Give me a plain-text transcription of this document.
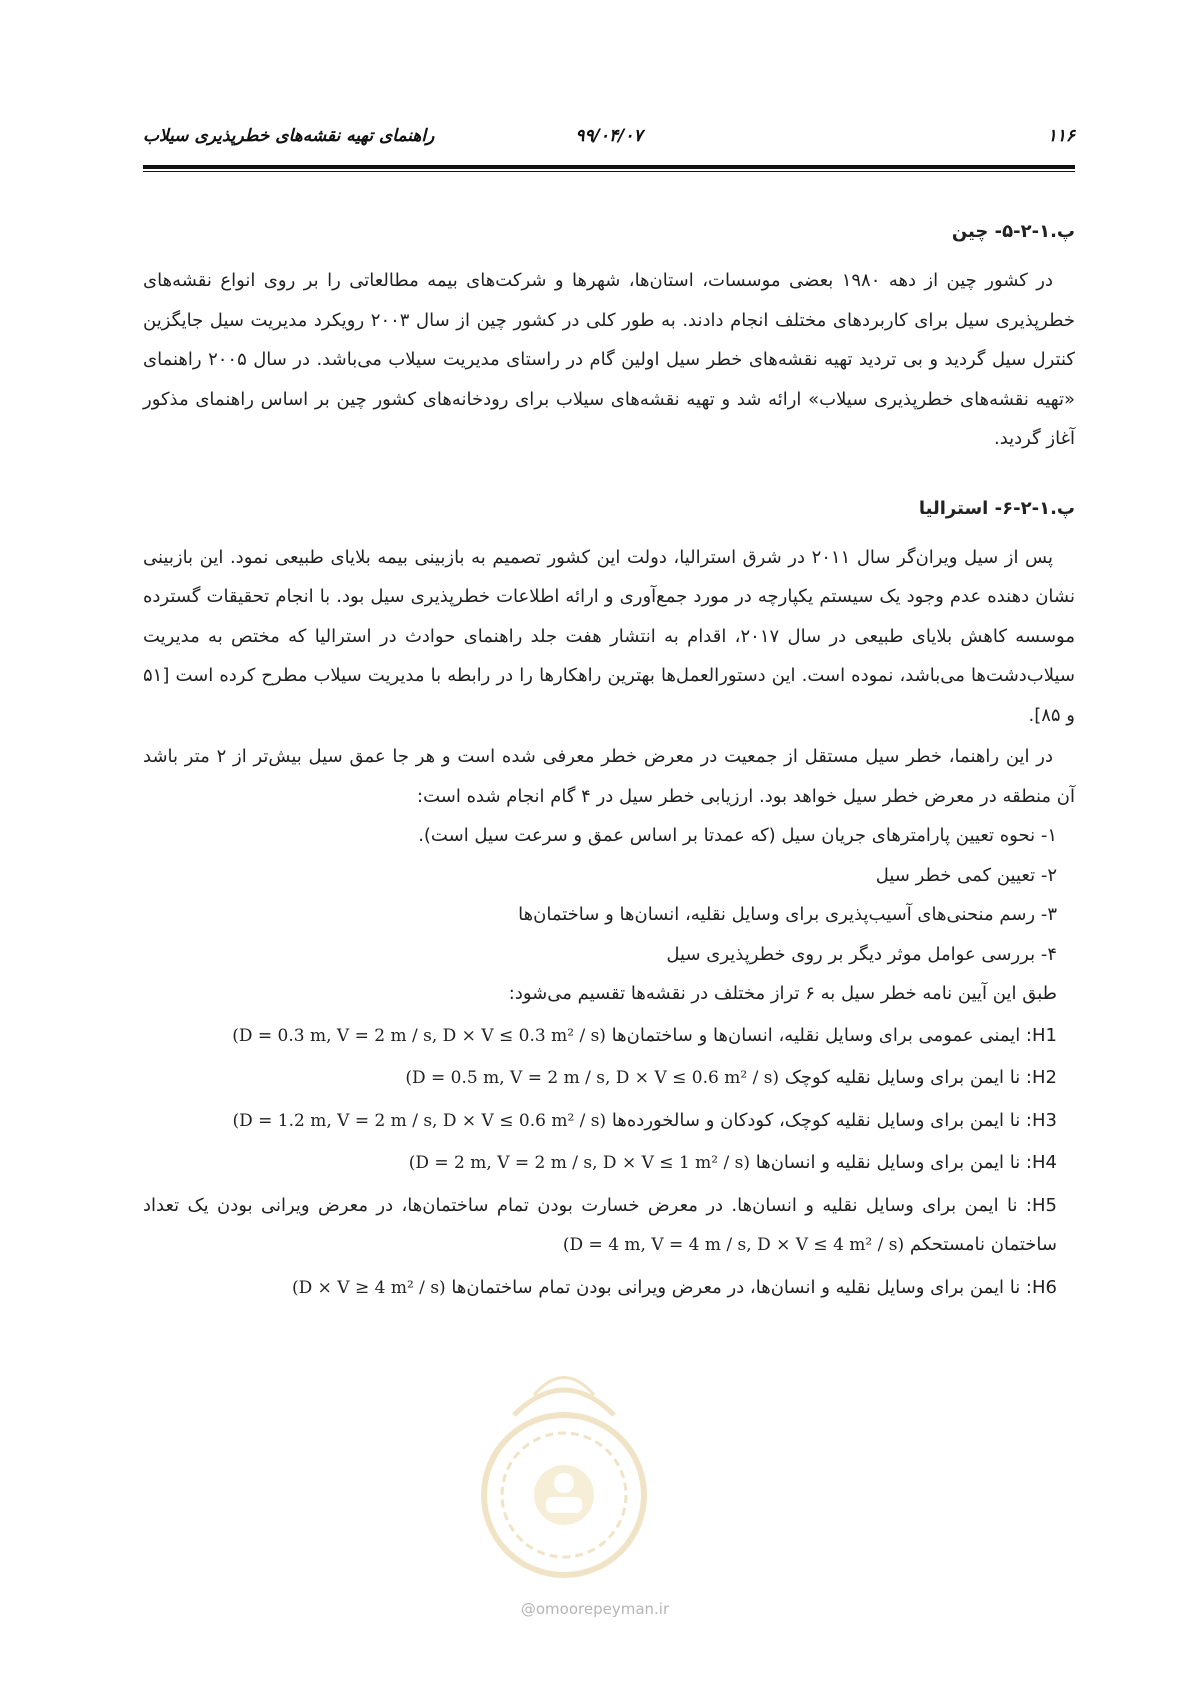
۱۱۶
۹۹/۰۴/۰۷
راهنمای تهیه نقشه‌های خطرپذیری سیلاب
پ.۱-۲-۵- چین

در کشور چین از دهه ۱۹۸۰ بعضی موسسات، استان‌ها، شهرها و شرکت‌های بیمه مطالعاتی را بر روی انواع نقشه‌های خطرپذیری سیل برای کاربردهای مختلف انجام دادند. به طور کلی در کشور چین از سال ۲۰۰۳ رویکرد مدیریت سیل جایگزین کنترل سیل گردید و بی تردید تهیه نقشه‌های خطر سیل اولین گام در راستای مدیریت سیلاب می‌باشد. در سال ۲۰۰۵ راهنمای «تهیه نقشه‌های خطرپذیری سیلاب» ارائه شد و تهیه نقشه‌های سیلاب برای رودخانه‌های کشور چین بر اساس راهنمای مذکور آغاز گردید.

پ.۱-۲-۶- استرالیا

پس از سیل ویران‌گر سال ۲۰۱۱ در شرق استرالیا، دولت این کشور تصمیم به بازبینی بیمه بلایای طبیعی نمود. این بازبینی نشان دهنده عدم وجود یک سیستم یکپارچه در مورد جمع‌آوری و ارائه اطلاعات خطرپذیری سیل بود. با انجام تحقیقات گسترده موسسه کاهش بلایای طبیعی در سال ۲۰۱۷، اقدام به انتشار هفت جلد راهنمای حوادث در استرالیا که مختص به مدیریت سیلاب‌دشت‌ها می‌باشد، نموده است. این دستورالعمل‌ها بهترین راهکارها را در رابطه با مدیریت سیلاب مطرح کرده است [۵۱ و ۸۵].

در این راهنما، خطر سیل مستقل از جمعیت در معرض خطر معرفی شده است و هر جا عمق سیل بیش‌تر از ۲ متر باشد آن منطقه در معرض خطر سیل خواهد بود. ارزیابی خطر سیل در ۴ گام انجام شده است:

۱- نحوه تعیین پارامترهای جریان سیل (که عمدتا بر اساس عمق و سرعت سیل است).
۲- تعیین کمی خطر سیل
۳- رسم منحنی‌های آسیب‌پذیری برای وسایل نقلیه، انسان‌ها و ساختمان‌ها
۴- بررسی عوامل موثر دیگر بر روی خطرپذیری سیل

طبق این آیین نامه خطر سیل به ۶ تراز مختلف در نقشه‌ها تقسیم می‌شود:

H1: ایمنی عمومی برای وسایل نقلیه، انسان‌ها و ساختمان‌ها (D = 0.3 m, V = 2 m / s, D × V ≤ 0.3 m² / s)

H2: نا ایمن برای وسایل نقلیه کوچک (D = 0.5 m, V = 2 m / s, D × V ≤ 0.6 m² / s)

H3: نا ایمن برای وسایل نقلیه کوچک، کودکان و سالخورده‌ها (D = 1.2 m, V = 2 m / s, D × V ≤ 0.6 m² / s)

H4: نا ایمن برای وسایل نقلیه و انسان‌ها (D = 2 m, V = 2 m / s, D × V ≤ 1 m² / s)

H5: نا ایمن برای وسایل نقلیه و انسان‌ها. در معرض خسارت بودن تمام ساختمان‌ها، در معرض ویرانی بودن یک تعداد ساختمان نامستحکم (D = 4 m, V = 4 m / s, D × V ≤ 4 m² / s)

H6: نا ایمن برای وسایل نقلیه و انسان‌ها، در معرض ویرانی بودن تمام ساختمان‌ها (D × V ≥ 4 m² / s)

@omoorepeyman.ir
